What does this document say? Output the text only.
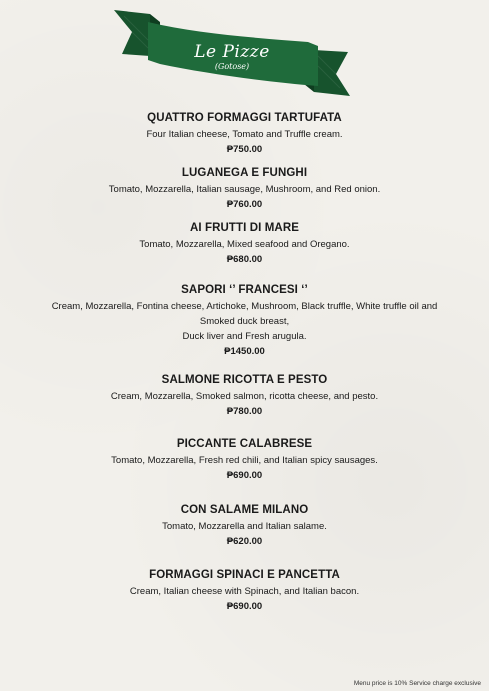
Le Pizze
(Gotose)
QUATTRO FORMAGGI TARTUFATA
Four Italian cheese, Tomato and Truffle cream.
₱750.00
LUGANEGA E FUNGHI
Tomato, Mozzarella, Italian sausage, Mushroom, and Red onion.
₱760.00
AI FRUTTI DI MARE
Tomato, Mozzarella, Mixed seafood and Oregano.
₱680.00
SAPORI ‘’ FRANCESI ‘’
Cream, Mozzarella, Fontina cheese, Artichoke, Mushroom, Black truffle, White truffle oil and
Smoked duck breast,
Duck liver and Fresh arugula.
₱1450.00
SALMONE RICOTTA E PESTO
Cream, Mozzarella, Smoked salmon, ricotta cheese, and pesto.
₱780.00
PICCANTE CALABRESE
Tomato, Mozzarella, Fresh red chili, and Italian spicy sausages.
₱690.00
CON SALAME MILANO
Tomato, Mozzarella and Italian salame.
₱620.00
FORMAGGI SPINACI E PANCETTA
Cream, Italian cheese with Spinach, and Italian bacon.
₱690.00
Menu price is 10% Service charge exclusive
